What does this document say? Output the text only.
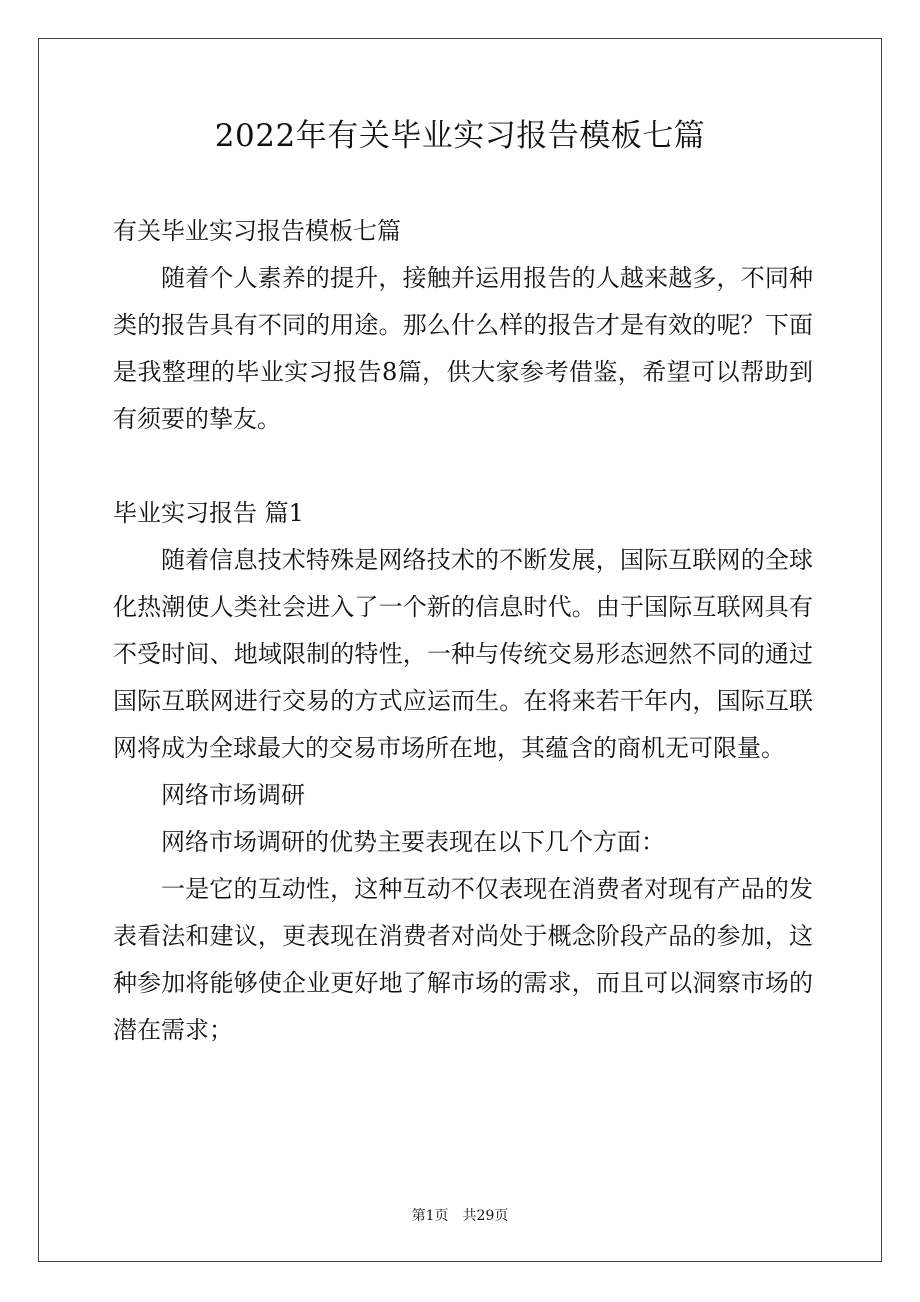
2022年有关毕业实习报告模板七篇

有关毕业实习报告模板七篇

随着个人素养的提升，接触并运用报告的人越来越多，不同种类的报告具有不同的用途。那么什么样的报告才是有效的呢？下面是我整理的毕业实习报告8篇，供大家参考借鉴，希望可以帮助到有须要的挚友。

毕业实习报告 篇1

随着信息技术特殊是网络技术的不断发展，国际互联网的全球化热潮使人类社会进入了一个新的信息时代。由于国际互联网具有不受时间、地域限制的特性，一种与传统交易形态迥然不同的通过国际互联网进行交易的方式应运而生。在将来若干年内，国际互联网将成为全球最大的交易市场所在地，其蕴含的商机无可限量。

网络市场调研

网络市场调研的优势主要表现在以下几个方面：

一是它的互动性，这种互动不仅表现在消费者对现有产品的发表看法和建议，更表现在消费者对尚处于概念阶段产品的参加，这种参加将能够使企业更好地了解市场的需求，而且可以洞察市场的潜在需求；

第1页 共29页
